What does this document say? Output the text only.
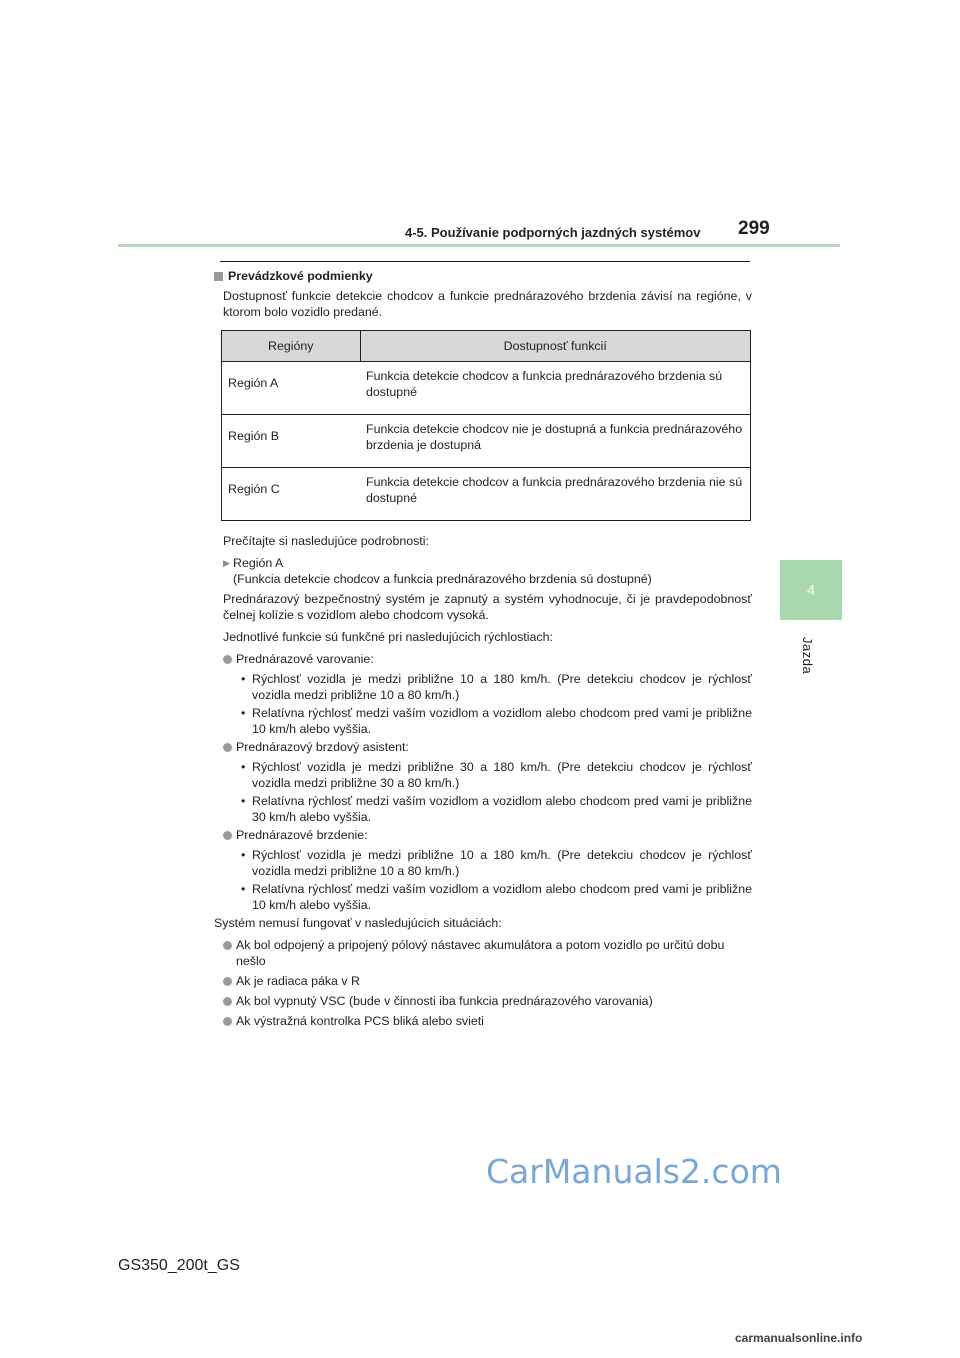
4-5. Používanie podporných jazdných systémov 299
4
Jazda
Prevádzkové podmienky
Dostupnosť funkcie detekcie chodcov a funkcie prednárazového brzdenia závisí na regióne, v ktorom bolo vozidlo predané.
Regióny	Dostupnosť funkcií
Región A	Funkcia detekcie chodcov a funkcia prednárazového brzdenia sú dostupné
Región B	Funkcia detekcie chodcov nie je dostupná a funkcia prednárazového brzdenia je dostupná
Región C	Funkcia detekcie chodcov a funkcia prednárazového brzdenia nie sú dostupné
Prečítajte si nasledujúce podrobnosti:
▶ Región A
(Funkcia detekcie chodcov a funkcia prednárazového brzdenia sú dostupné)
Prednárazový bezpečnostný systém je zapnutý a systém vyhodnocuje, či je pravdepodobnosť čelnej kolízie s vozidlom alebo chodcom vysoká.
Jednotlivé funkcie sú funkčné pri nasledujúcich rýchlostiach:
Prednárazové varovanie:
• Rýchlosť vozidla je medzi približne 10 a 180 km/h. (Pre detekciu chodcov je rýchlosť vozidla medzi približne 10 a 80 km/h.)
• Relatívna rýchlosť medzi vaším vozidlom a vozidlom alebo chodcom pred vami je približne 10 km/h alebo vyššia.
Prednárazový brzdový asistent:
• Rýchlosť vozidla je medzi približne 30 a 180 km/h. (Pre detekciu chodcov je rýchlosť vozidla medzi približne 30 a 80 km/h.)
• Relatívna rýchlosť medzi vaším vozidlom a vozidlom alebo chodcom pred vami je približne 30 km/h alebo vyššia.
Prednárazové brzdenie:
• Rýchlosť vozidla je medzi približne 10 a 180 km/h. (Pre detekciu chodcov je rýchlosť vozidla medzi približne 10 a 80 km/h.)
• Relatívna rýchlosť medzi vaším vozidlom a vozidlom alebo chodcom pred vami je približne 10 km/h alebo vyššia.
Systém nemusí fungovať v nasledujúcich situáciách:
Ak bol odpojený a pripojený pólový nástavec akumulátora a potom vozidlo po určitú dobu nešlo
Ak je radiaca páka v R
Ak bol vypnutý VSC (bude v činnosti iba funkcia prednárazového varovania)
Ak výstražná kontrolka PCS bliká alebo svieti
GS350_200t_GS
CarManuals2.com
carmanualsonline.info
